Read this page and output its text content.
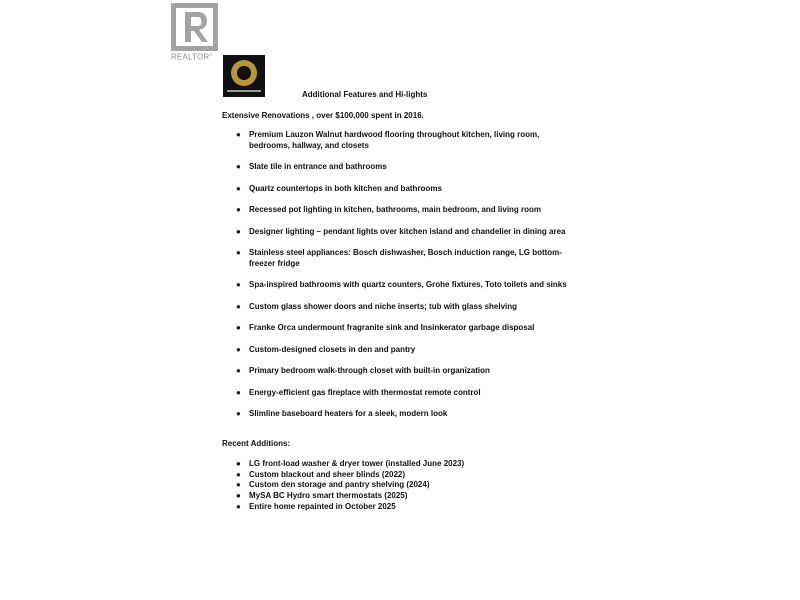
REALTOR®
Additional Features and Hi-lights
Extensive Renovations , over $100,000 spent in 2016.
● Premium Lauzon Walnut hardwood flooring throughout kitchen, living room, bedrooms, hallway, and closets
● Slate tile in entrance and bathrooms
● Quartz countertops in both kitchen and bathrooms
● Recessed pot lighting in kitchen, bathrooms, main bedroom, and living room
● Designer lighting – pendant lights over kitchen island and chandelier in dining area
● Stainless steel appliances: Bosch dishwasher, Bosch induction range, LG bottom-freezer fridge
● Spa-inspired bathrooms with quartz counters, Grohe fixtures, Toto toilets and sinks
● Custom glass shower doors and niche inserts; tub with glass shelving
● Franke Orca undermount fragranite sink and Insinkerator garbage disposal
● Custom-designed closets in den and pantry
● Primary bedroom walk-through closet with built-in organization
● Energy-efficient gas fireplace with thermostat remote control
● Slimline baseboard heaters for a sleek, modern look
Recent Additions:
● LG front-load washer & dryer tower (installed June 2023)
● Custom blackout and sheer blinds (2022)
● Custom den storage and pantry shelving (2024)
● MySA BC Hydro smart thermostats (2025)
● Entire home repainted in October 2025
